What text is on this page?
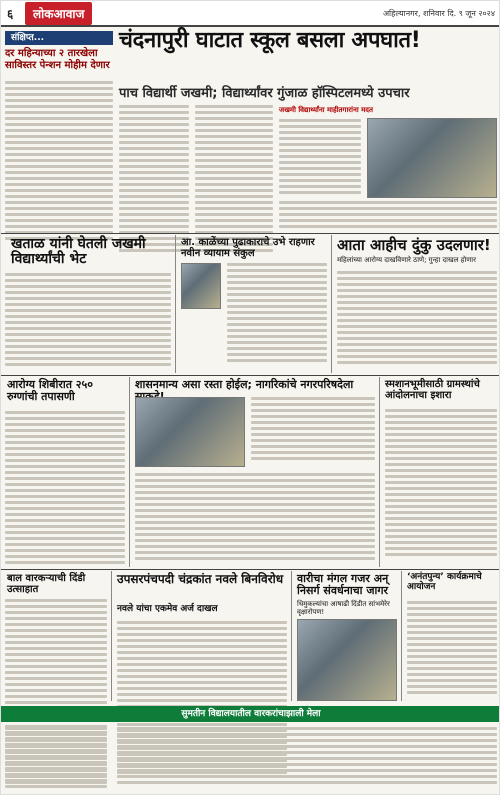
६	लोकआवाज	अहिल्यानगर, शनिवार दि. ९ जून २०२४
संक्षिप्त...
दर महिन्याच्या २ तारखेला साविस्तर पेन्शन मोहीम देणार
चंदनापुरी घाटात स्कूल बसला अपघात!
पाच विद्यार्थी जखमी; विद्यार्थ्यांवर गुंजाळ हॉस्पिटलमध्ये उपचार
जखमी विद्यार्थ्यांना माहीतगारांना मदत
खताळ यांनी घेतली जखमी विद्यार्थ्यांची भेट
आ. काळेंच्या पुढाकाराचे उभे राहणार नवीन व्यायाम संकुल	आता आहीच दुंकु उदलणार!
महिलांच्या आरोग्य दाखविणारे ठाणे; गुन्हा दाखल होणार
आरोग्य शिबीरात २५० रुग्णांची तपासणी
शासनमान्य असा रस्ता होईल; नागरिकांचे नगरपरिषदेला	स्मशानभूमीसाठी ग्रामस्थांचे आंदोलनाचा इशारा
बाल वारकऱ्याची दिंडी उत्साहात
उपसरपंचपदी चंद्रकांत नवले बिनविरोध
नवले यांचा एकमेव अर्ज दाखल
वारीचा मंगल गजर अन् निसर्ग संवर्धनाचा जागर
धिमुकल्यांचा आषाढी दिंडीत सांभमेरेर वृक्षारोपण!
‘अनंतपुन्य’ कार्यक्रमाचे आयोजन
सुमतीन विद्यालयातील वारकरांचाझाली मेला
